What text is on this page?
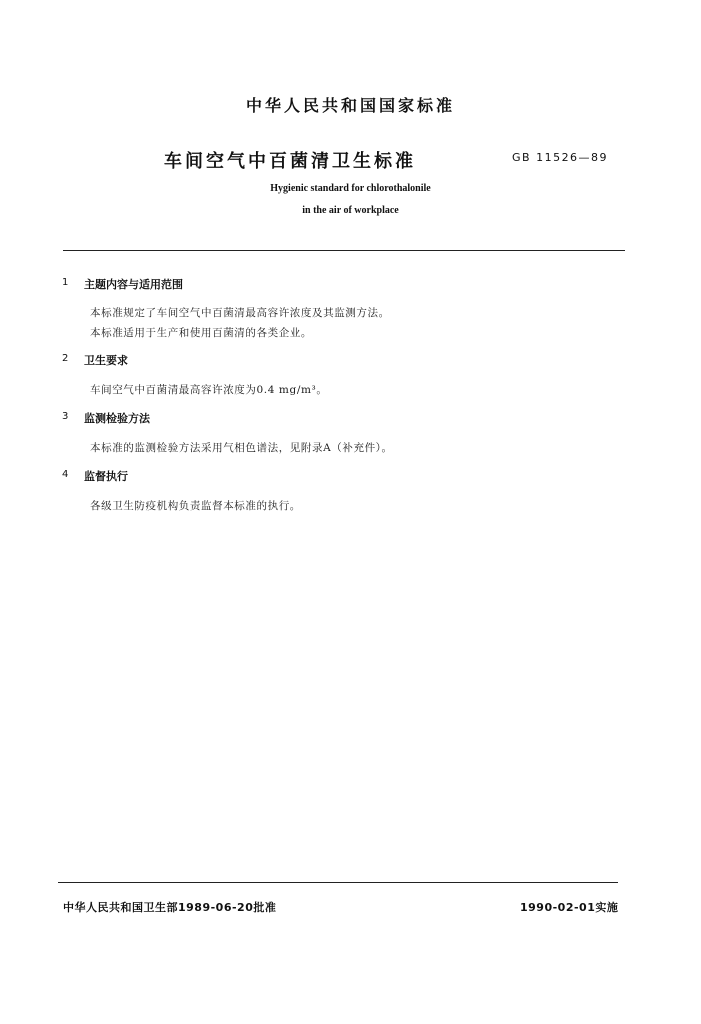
中华人民共和国国家标准
车间空气中百菌清卫生标准	GB 11526—89
Hygienic standard for chlorothalonile
in the air of workplace
1 主题内容与适用范围
本标准规定了车间空气中百菌清最高容许浓度及其监测方法。
本标准适用于生产和使用百菌清的各类企业。
2 卫生要求
车间空气中百菌清最高容许浓度为0.4 mg/m³。
3 监测检验方法
本标准的监测检验方法采用气相色谱法，见附录A（补充件）。
4 监督执行
各级卫生防疫机构负责监督本标准的执行。
中华人民共和国卫生部1989-06-20批准	1990-02-01实施
